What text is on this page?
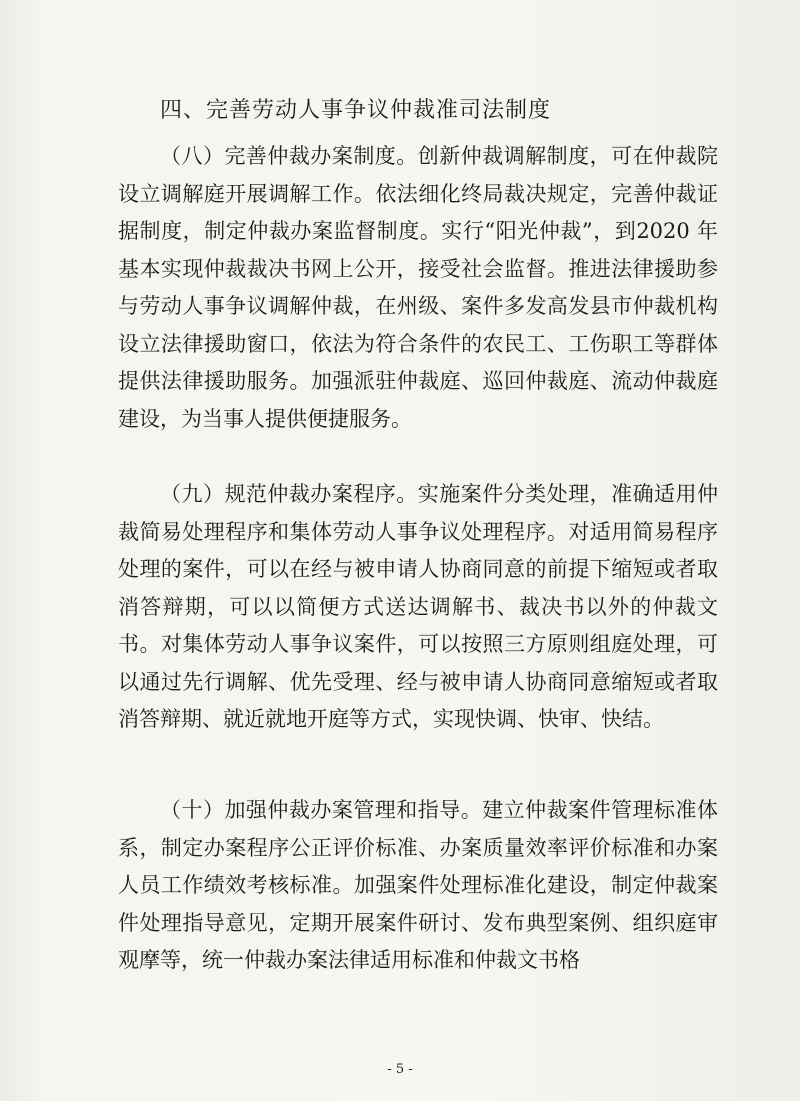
四、完善劳动人事争议仲裁准司法制度
（八）完善仲裁办案制度。创新仲裁调解制度，可在仲裁院设立调解庭开展调解工作。依法细化终局裁决规定，完善仲裁证据制度，制定仲裁办案监督制度。实行“阳光仲裁”，到2020 年基本实现仲裁裁决书网上公开，接受社会监督。推进法律援助参与劳动人事争议调解仲裁，在州级、案件多发高发县市仲裁机构设立法律援助窗口，依法为符合条件的农民工、工伤职工等群体提供法律援助服务。加强派驻仲裁庭、巡回仲裁庭、流动仲裁庭建设，为当事人提供便捷服务。
（九）规范仲裁办案程序。实施案件分类处理，准确适用仲裁简易处理程序和集体劳动人事争议处理程序。对适用简易程序处理的案件，可以在经与被申请人协商同意的前提下缩短或者取消答辩期，可以以简便方式送达调解书、裁决书以外的仲裁文书。对集体劳动人事争议案件，可以按照三方原则组庭处理，可以通过先行调解、优先受理、经与被申请人协商同意缩短或者取消答辩期、就近就地开庭等方式，实现快调、快审、快结。
（十）加强仲裁办案管理和指导。建立仲裁案件管理标准体系，制定办案程序公正评价标准、办案质量效率评价标准和办案人员工作绩效考核标准。加强案件处理标准化建设，制定仲裁案件处理指导意见，定期开展案件研讨、发布典型案例、组织庭审观摩等，统一仲裁办案法律适用标准和仲裁文书格
- 5 -
